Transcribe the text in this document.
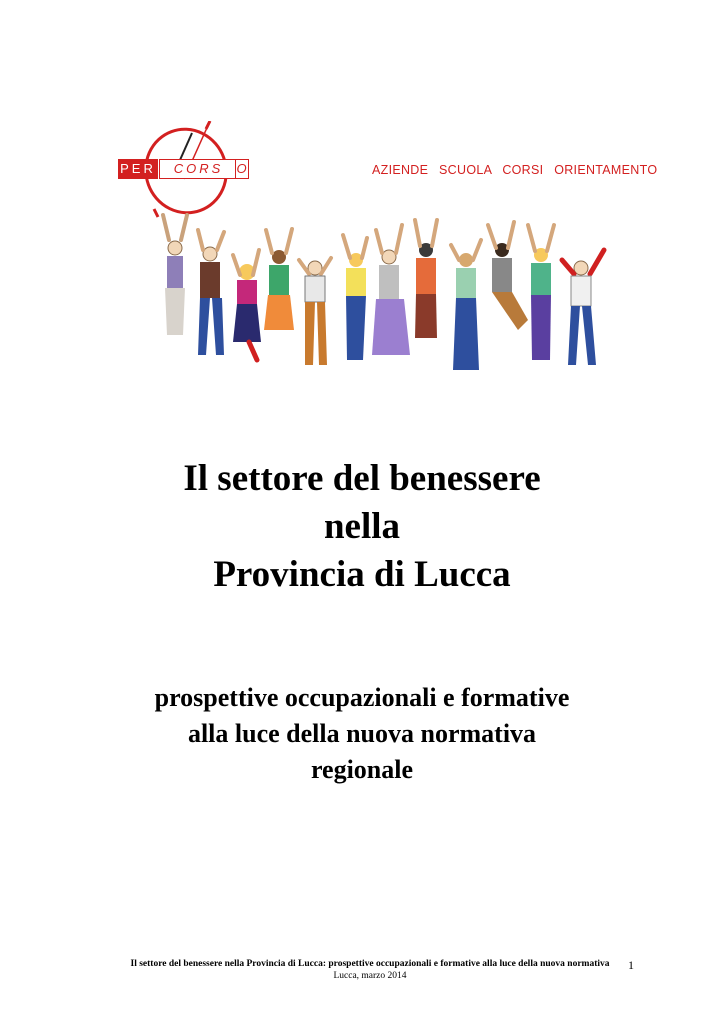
PER	CORS	O	AZIENDE SCUOLA CORSI ORIENTAMENTO
Il settore del benessere
nella
Provincia di Lucca
prospettive occupazionali e formative
alla luce della nuova normativa
regionale
Il settore del benessere nella Provincia di Lucca: prospettive occupazionali e formative alla luce della nuova normativa
Lucca, marzo 2014
1
